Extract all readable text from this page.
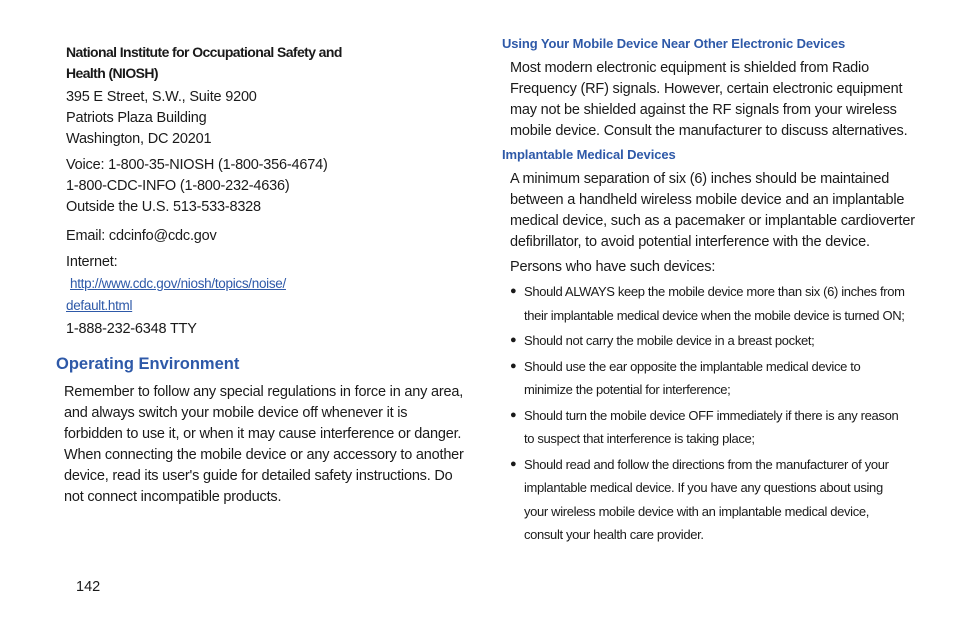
National Institute for Occupational Safety and
Health (NIOSH)
395 E Street, S.W., Suite 9200
Patriots Plaza Building
Washington, DC 20201
Voice: 1-800-35-NIOSH (1-800-356-4674)
1-800-CDC-INFO (1-800-232-4636)
Outside the U.S. 513-533-8328
Email: cdcinfo@cdc.gov
Internet:
http://www.cdc.gov/niosh/topics/noise/
default.html
1-888-232-6348 TTY
Operating Environment
Remember to follow any special regulations in force in any area,
and always switch your mobile device off whenever it is
forbidden to use it, or when it may cause interference or danger.
When connecting the mobile device or any accessory to another
device, read its user's guide for detailed safety instructions. Do
not connect incompatible products.
Using Your Mobile Device Near Other Electronic Devices
Most modern electronic equipment is shielded from Radio
Frequency (RF) signals. However, certain electronic equipment
may not be shielded against the RF signals from your wireless
mobile device. Consult the manufacturer to discuss alternatives.
Implantable Medical Devices
A minimum separation of six (6) inches should be maintained
between a handheld wireless mobile device and an implantable
medical device, such as a pacemaker or implantable cardioverter
defibrillator, to avoid potential interference with the device.
Persons who have such devices:
● Should ALWAYS keep the mobile device more than six (6) inches from
their implantable medical device when the mobile device is turned ON;
● Should not carry the mobile device in a breast pocket;
● Should use the ear opposite the implantable medical device to
minimize the potential for interference;
● Should turn the mobile device OFF immediately if there is any reason
to suspect that interference is taking place;
● Should read and follow the directions from the manufacturer of your
implantable medical device. If you have any questions about using
your wireless mobile device with an implantable medical device,
consult your health care provider.
142
